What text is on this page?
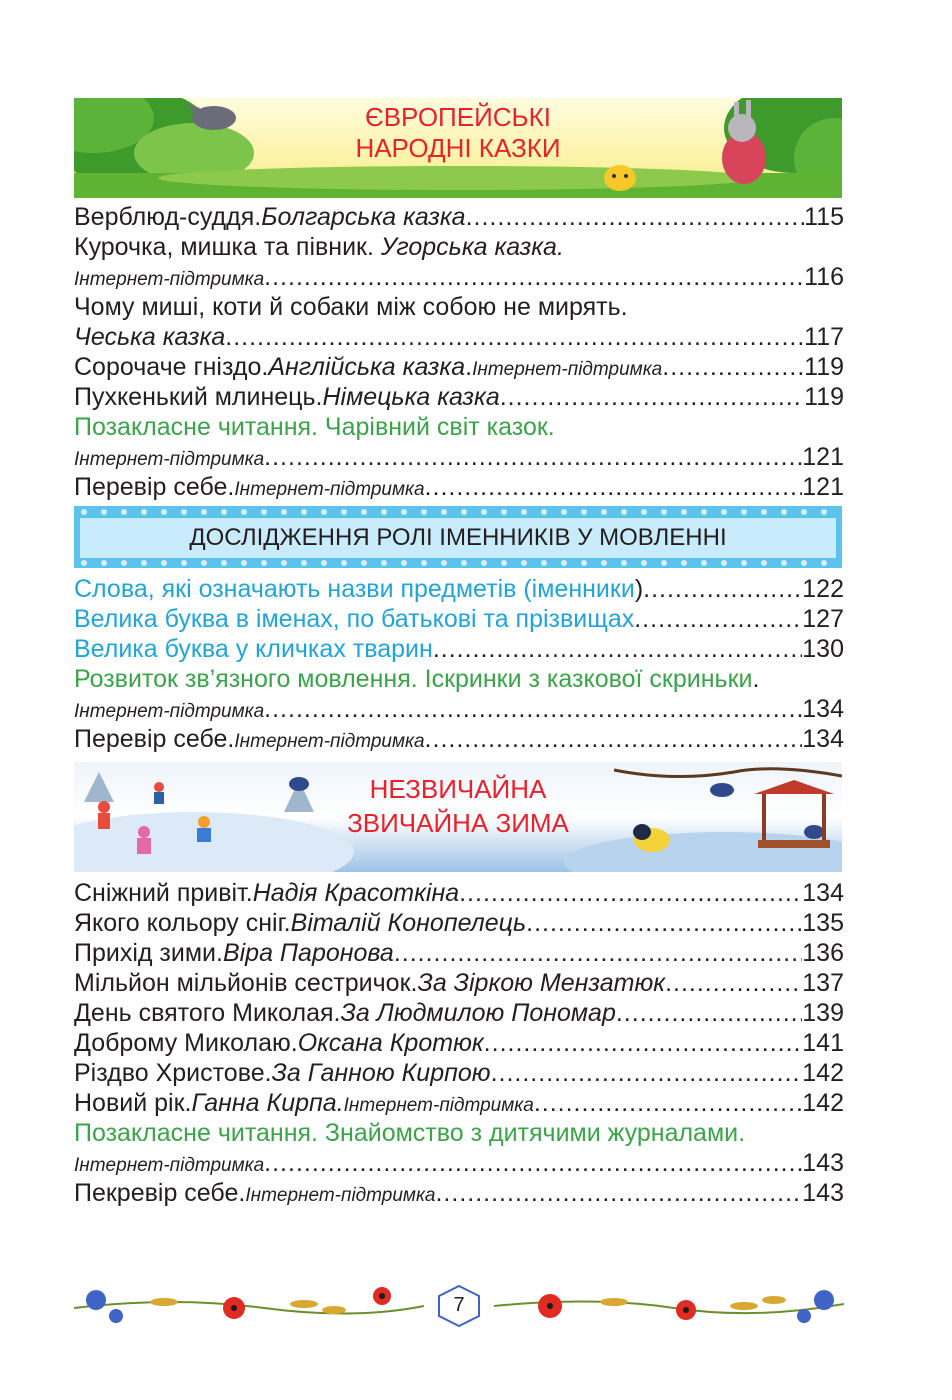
ЄВРОПЕЙСЬКІ
НАРОДНІ КАЗКИ
Верблюд-суддя. Болгарська казка .....	115
Курочка, мишка та півник. Угорська казка.
Інтернет-підтримка .....	116
Чому миші, коти й собаки між собою не мирять.
Чеська казка .....	117
Сорочаче гніздо. Англійська казка . Інтернет-підтримка .....	119
Пухкенький млинець. Німецька казка .....	119
Позакласне читання. Чарівний світ казок.
Інтернет-підтримка .....	121
Перевір себе. Інтернет-підтримка .....	121
ДОСЛІДЖЕННЯ РОЛІ ІМЕННИКІВ У МОВЛЕННІ
Слова, які означають назви предметів (іменники ) .....	122
Велика буква в іменах, по батькові та прізвищах .....	127
Велика буква у кличках тварин .....	130
Розвиток зв’язного мовлення. Іскринки з казкової скриньки.
Інтернет-підтримка .....	134
Перевір себе. Інтернет-підтримка .....	134
НЕЗВИЧАЙНА
ЗВИЧАЙНА ЗИМА
Сніжний привіт. Надія Красоткіна .....	134
Якого кольору сніг. Віталій Конопелець .....	135
Прихід зими. Віра Паронова .....	136
Мільйон мільйонів сестричок. За Зіркою Мензатюк .....	137
День святого Миколая. За Людмилою Пономар .....	139
Доброму Миколаю. Оксана Кротюк .....	141
Різдво Христове. За Ганною Кирпою .....	142
Новий рік. Ганна Кирпа. Інтернет-підтримка .....	142
Позакласне читання. Знайомство з дитячими журналами.
Інтернет-підтримка .....	143
Пекревір себе. Інтернет-підтримка .....	143
7
